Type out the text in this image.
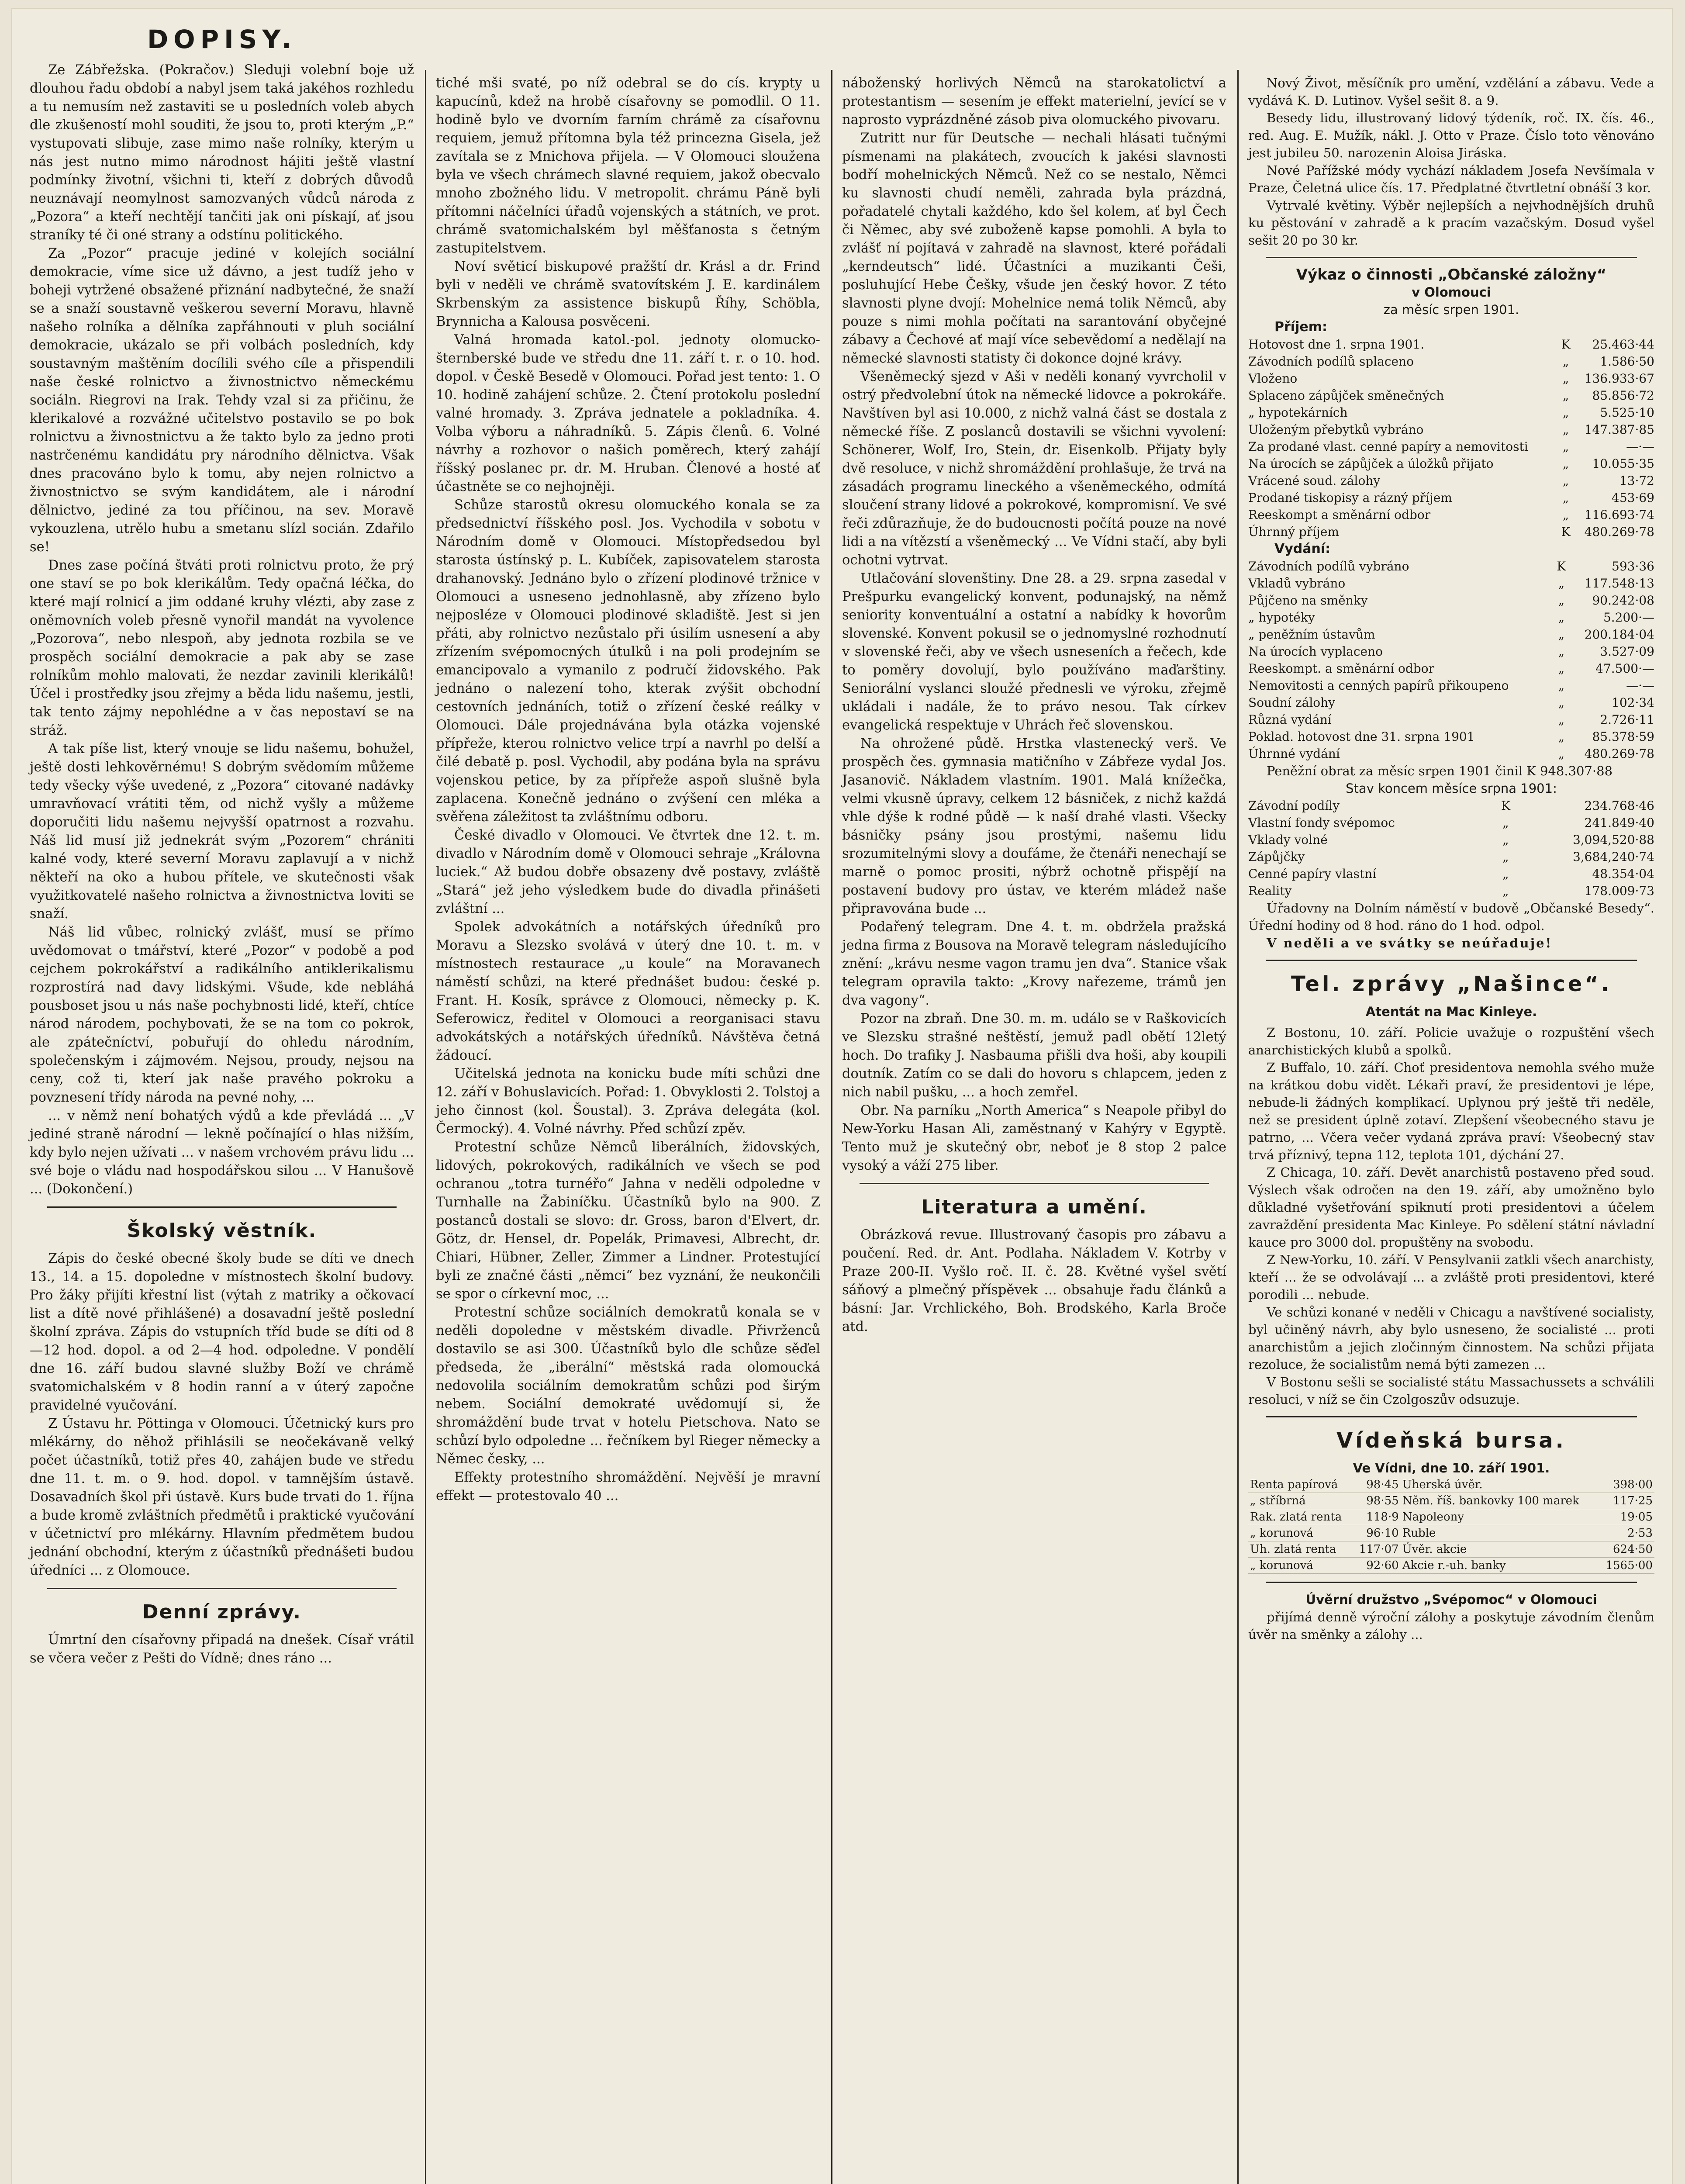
DOPISY.

Ze Zábřežska. (Pokračov.) Sleduji volební boje už dlouhou řadu období a nabyl jsem taká jakéhos rozhledu a tu nemusím než zastaviti se u posledních voleb abych dle zkušeností mohl souditi, že jsou to, proti kterým „P.“ vystupovati slibuje, zase mimo naše rolníky, kterým u nás jest nutno mimo národnost hájiti ještě vlastní podmínky životní, všichni ti, kteří z dobrých důvodů neuznávají neomylnost samozvaných vůdců národa z „Pozora“ a kteří nechtějí tančiti jak oni pískají, ať jsou straníky té či oné strany a odstínu politického.

Za „Pozor“ pracuje jediné v kolejích sociální demokracie, víme sice už dávno, a jest tudíž jeho v boheji vytržené obsažené přiznání nadbytečné, že snaží se a snaží soustavně veškerou severní Moravu, hlavně našeho rolníka a dělníka zapřáhnouti v pluh sociální demokracie, ukázalo se při volbách posledních, kdy soustavným maštěním docílili svého cíle a přispendili naše české rolnictvo a živnostnictvo německému sociáln. Riegrovi na Irak. Tehdy vzal si za přičinu, že klerikalové a rozvážné učitelstvo postavilo se po bok rolnictvu a živnostnictvu a že takto bylo za jedno proti nastrčenému kandidátu pry národního dělnictva. Však dnes pracováno bylo k tomu, aby nejen rolnictvo a živnostnictvo se svým kandidátem, ale i národní dělnictvo, jediné za tou příčinou, na sev. Moravě vykouzlena, utrělo hubu a smetanu slízl socián. Zdařilo se!

Dnes zase počíná štváti proti rolnictvu proto, že prý one staví se po bok klerikálům. Tedy opačná léčka, do které mají rolnicí a jim oddané kruhy vlézti, aby zase z oněmovních voleb přesně vynořil mandát na vyvolence „Pozorova“, nebo nlespoň, aby jednota rozbila se ve prospěch sociální demokracie a pak aby se zase rolníkům mohlo malovati, že nezdar zavinili klerikálů! Účel i prostředky jsou zřejmy a běda lidu našemu, jestli, tak tento zájmy nepohlédne a v čas nepostaví se na stráž.

A tak píše list, který vnouje se lidu našemu, bohužel, ještě dosti lehkověrnému! S dobrým svědomím můžeme tedy všecky výše uvedené, z „Pozora“ citované nadávky umravňovací vrátiti těm, od nichž vyšly a můžeme doporučiti lidu našemu nejvyšší opatrnost a rozvahu. Náš lid musí již jednekrát svým „Pozorem“ chrániti kalné vody, které severní Moravu zaplavují a v nichž někteří na oko a hubou přítele, ve skutečnosti však využitkovatelé našeho rolnictva a živnostnictva loviti se snaží.

Náš lid vůbec, rolnický zvlášť, musí se přímo uvědomovat o tmářství, které „Pozor“ v podobě a pod cejchem pokrokářství a radikálního antiklerikalismu rozprostírá nad davy lidskými. Všude, kde nebláhá pousboset jsou u nás naše pochybnosti lidé, kteří, chtíce národ národem, pochybovati, že se na tom co pokrok, ale zpátečníctví, pobuřují do ohledu národním, společenským i zájmovém. Nejsou, proudy, nejsou na ceny, což ti, kterí jak naše pravého pokroku a povznesení třídy národa na pevné nohy, ...

... v němž není bohatých výdů a kde převládá ... „V jediné straně národní — lekně počínající o hlas nižším, kdy bylo nejen užívati ... v našem vrchovém právu lidu ... své boje o vládu nad hospodářskou silou ... V Hanušově ... (Dokončení.)

Školský věstník.

Zápis do české obecné školy bude se díti ve dnech 13., 14. a 15. dopoledne v místnostech školní budovy. Pro žáky přijíti křestní list (výtah z matriky a očkovací list a dítě nové přihlášené) a dosavadní ještě poslední školní zpráva. Zápis do vstupních tříd bude se díti od 8—12 hod. dopol. a od 2—4 hod. odpoledne. V pondělí dne 16. září budou slavné služby Boží ve chrámě svatomichalském v 8 hodin ranní a v úterý započne pravidelné vyučování.

Z Ústavu hr. Pöttinga v Olomouci. Účetnický kurs pro mlékárny, do něhož přihlásili se neočekávaně velký počet účastníků, totiž přes 40, zahájen bude ve středu dne 11. t. m. o 9. hod. dopol. v tamnějším ústavě. Dosavadních škol při ústavě. Kurs bude trvati do 1. října a bude kromě zvláštních předmětů i praktické vyučování v účetnictví pro mlékárny. Hlavním předmětem budou jednání obchodní, kterým z účastníků přednášeti budou úředníci ... z Olomouce.

Denní zprávy.

Úmrtní den císařovny připadá na dnešek. Císař vrátil se včera večer z Pešti do Vídně; dnes ráno ...

tiché mši svaté, po níž odebral se do cís. krypty u kapucínů, kdež na hrobě císařovny se pomodlil. O 11. hodině bylo ve dvorním farním chrámě za císařovnu requiem, jemuž přítomna byla též princezna Gisela, jež zavítala se z Mnichova přijela. — V Olomouci sloužena byla ve všech chrámech slavné requiem, jakož obecvalo mnoho zbožného lidu. V metropolit. chrámu Páně byli přítomni náčelníci úřadů vojenských a státních, ve prot. chrámě svatomichalském byl měšťanosta s četným zastupitelstvem.

Noví světicí biskupové pražští dr. Krásl a dr. Frind byli v neděli ve chrámě svatovítském J. E. kardinálem Skrbenským za assistence biskupů Říhy, Schöbla, Brynnicha a Kalousa posvěceni.

Valná hromada katol.-pol. jednoty olomucko-šternberské bude ve středu dne 11. září t. r. o 10. hod. dopol. v Českě Besedě v Olomouci. Pořad jest tento: 1. O 10. hodině zahájení schůze. 2. Čtení protokolu poslední valné hromady. 3. Zpráva jednatele a pokladníka. 4. Volba výboru a náhradníků. 5. Zápis členů. 6. Volné návrhy a rozhovor o našich poměrech, který zahájí říšský poslanec pr. dr. M. Hruban. Členové a hosté ať účastněte se co nejhojněji.

Schůze starostů okresu olomuckého konala se za předsednictví říšského posl. Jos. Vychodila v sobotu v Národním domě v Olomouci. Místopředsedou byl starosta ústínský p. L. Kubíček, zapisovatelem starosta drahanovský. Jednáno bylo o zřízení plodinové tržnice v Olomouci a usneseno jednohlasně, aby zřízeno bylo nejposléze v Olomouci plodinové skladiště. Jest si jen přáti, aby rolnictvo nezůstalo při úsilím usnesení a aby zřízením svépomocných útulků i na poli prodejním se emancipovalo a vymanilo z područí židovského. Pak jednáno o nalezení toho, kterak zvýšit obchodní cestovních jednáních, totiž o zřízení české reálky v Olomouci. Dále projednávána byla otázka vojenské přípřeže, kterou rolnictvo velice trpí a navrhl po delší a čilé debatě p. posl. Vychodil, aby podána byla na správu vojenskou petice, by za přípřeže aspoň slušně byla zaplacena. Konečně jednáno o zvýšení cen mléka a svěřena záležitost ta zvláštnímu odboru.

České divadlo v Olomouci. Ve čtvrtek dne 12. t. m. divadlo v Národním domě v Olomouci sehraje „Královna luciek.“ Až budou dobře obsazeny dvě postavy, zvláště „Stará“ jež jeho výsledkem bude do divadla přinášeti zvláštní ...

Spolek advokátních a notářských úředníků pro Moravu a Slezsko svolává v úterý dne 10. t. m. v místnostech restaurace „u koule“ na Moravanech náměstí schůzi, na které přednášet budou: české p. Frant. H. Kosík, správce z Olomouci, německy p. K. Seferowicz, ředitel v Olomouci a reorganisaci stavu advokátských a notářských úředníků. Návštěva četná žádoucí.

Učitelská jednota na konicku bude míti schůzi dne 12. září v Bohuslavicích. Pořad: 1. Obvyklosti 2. Tolstoj a jeho činnost (kol. Šoustal). 3. Zpráva delegáta (kol. Čermocký). 4. Volné návrhy. Před schůzí zpěv.

Protestní schůze Němců liberálních, židovských, lidových, pokrokových, radikálních ve všech se pod ochranou „totra turnéřo“ Jahna v neděli odpoledne v Turnhalle na Žabiníčku. Účastníků bylo na 900. Z postanců dostali se slovo: dr. Gross, baron d'Elvert, dr. Götz, dr. Hensel, dr. Popelák, Primavesi, Albrecht, dr. Chiari, Hübner, Zeller, Zimmer a Lindner. Protestující byli ze značné části „němci“ bez vyznání, že neukončili se spor o církevní moc, ...

Protestní schůze sociálních demokratů konala se v neděli dopoledne v městském divadle. Přivrženců dostavilo se asi 300. Účastníků bylo dle schůze sěďel předseda, že „iberální“ městská rada olomoucká nedovolila sociálním demokratům schůzi pod širým nebem. Sociální demokraté uvědomují si, že shromáždění bude trvat v hotelu Pietschova. Nato se schůzí bylo odpoledne ... řečníkem byl Rieger německy a Němec česky, ...

Effekty protestního shromáždění. Nejvěší je mravní effekt — protestovalo 40 ...

náboženský horlivých Němců na starokatolictví a protestantism — sesením je effekt materielní, jevící se v naprosto vyprázdněné zásob piva olomuckého pivovaru.

Zutritt nur für Deutsche — nechali hlásati tučnými písmenami na plakátech, zvoucích k jakési slavnosti bodří mohelnických Němců. Než co se nestalo, Němci ku slavnosti chudí neměli, zahrada byla prázdná, pořadatelé chytali každého, kdo šel kolem, ať byl Čech či Němec, aby své zuboženě kapse pomohli. A byla to zvlášť ní pojítavá v zahradě na slavnost, které pořádali „kerndeutsch“ lidé. Účastníci a muzikanti Češi, posluhující Hebe Češky, všude jen český hovor. Z této slavnosti plyne dvojí: Mohelnice nemá tolik Němců, aby pouze s nimi mohla počítati na sarantování obyčejné zábavy a Čechové ať mají více sebevědomí a nedělají na německé slavnosti statisty či dokonce dojné krávy.

Všeněmecký sjezd v Aši v neděli konaný vyvrcholil v ostrý předvolební útok na německé lidovce a pokrokáře. Navštíven byl asi 10.000, z nichž valná část se dostala z německé říše. Z poslanců dostavili se všichni vyvolení: Schönerer, Wolf, Iro, Stein, dr. Eisenkolb. Přijaty byly dvě resoluce, v nichž shromáždění prohlašuje, že trvá na zásadách programu lineckého a všeněmeckého, odmítá sloučení strany lidové a pokrokové, kompromisní. Ve své řeči zdůrazňuje, že do budoucnosti počítá pouze na nové lidi a na vítězstí a všeněmecký ... Ve Vídni stačí, aby byli ochotni vytrvat.

Utlačování slovenštiny. Dne 28. a 29. srpna zasedal v Prešpurku evangelický konvent, podunajský, na němž seniority konventuální a ostatní a nabídky k hovorům slovenské. Konvent pokusil se o jednomyslné rozhodnutí v slovenské řeči, aby ve všech usneseních a řečech, kde to poměry dovolují, bylo používáno maďarštiny. Seniorální vyslanci sloužé přednesli ve výroku, zřejmě ukládali i nadále, že to právo nesou. Tak církev evangelická respektuje v Uhrách řeč slovenskou.

Na ohrožené půdě. Hrstka vlastenecký verš. Ve prospěch čes. gymnasia matičního v Zábřeze vydal Jos. Jasanovič. Nákladem vlastním. 1901. Malá knížečka, velmi vkusně úpravy, celkem 12 básniček, z nichž každá vhle dýše k rodné půdě — k naší drahé vlasti. Všecky básničky psány jsou prostými, našemu lidu srozumitelnými slovy a doufáme, že čtenáři nenechají se marně o pomoc prositi, nýbrž ochotně přispějí na postavení budovy pro ústav, ve kterém mládež naše připravována bude ...

Podařený telegram. Dne 4. t. m. obdržela pražská jedna firma z Bousova na Moravě telegram následujícího znění: „krávu nesme vagon tramu jen dva“. Stanice však telegram opravila takto: „Krovy nařezeme, trámů jen dva vagony“.

Pozor na zbraň. Dne 30. m. m. událo se v Raškovicích ve Slezsku strašné neštěstí, jemuž padl obětí 12letý hoch. Do trafiky J. Nasbauma přišli dva hoši, aby koupili doutník. Zatím co se dali do hovoru s chlapcem, jeden z nich nabil pušku, ... a hoch zemřel.

Obr. Na parníku „North America“ s Neapole přibyl do New-Yorku Hasan Ali, zaměstnaný v Kahýry v Egyptě. Tento muž je skutečný obr, neboť je 8 stop 2 palce vysoký a váží 275 liber.

Literatura a umění.

Obrázková revue. Illustrovaný časopis pro zábavu a poučení. Red. dr. Ant. Podlaha. Nákladem V. Kotrby v Praze 200-II. Vyšlo roč. II. č. 28. Květné vyšel světí sáňový a plmečný příspěvek ... obsahuje řadu článků a básní: Jar. Vrchlického, Boh. Brodského, Karla Broče atd.

Nový Život, měsíčník pro umění, vzdělání a zábavu. Vede a vydává K. D. Lutinov. Vyšel sešit 8. a 9.

Besedy lidu, illustrovaný lidový týdeník, roč. IX. čís. 46., red. Aug. E. Mužík, nákl. J. Otto v Praze. Číslo toto věnováno jest jubileu 50. narozenin Aloisa Jiráska.

Nové Pařížské módy vychází nákladem Josefa Nevšímala v Praze, Čeletná ulice čís. 17. Předplatné čtvrtletní obnáší 3 kor.

Vytrvalé květiny. Výběr nejlepších a nejvhodnějších druhů ku pěstování v zahradě a k pracím vazačským. Dosud vyšel sešit 20 po 30 kr.

Výkaz o činnosti „Občanské záložny“
v Olomouci
za měsíc srpen 1901.
Příjem:
Hotovost dne 1. srpna 1901.	K	25.463·44
Závodních podílů splaceno	„	1.586·50
Vloženo	„	136.933·67
Splaceno zápůjček směnečných	„	85.856·72
„ hypotekárních	„	5.525·10
Uloženým přebytků vybráno	„	147.387·85
Za prodané vlast. cenné papíry a nemovitosti	„	—·—
Na úrocích se zápůjček a úložků přijato	„	10.055·35
Vrácené soud. zálohy	„	13·72
Prodané tiskopisy a rázný příjem	„	453·69
Reeskompt a směnární odbor	„	116.693·74
Úhrnný příjem	K	480.269·78
Vydání:
Závodních podílů vybráno	K	593·36
Vkladů vybráno	„	117.548·13
Půjčeno na směnky	„	90.242·08
„ hypotéky	„	5.200·—
„ peněžním ústavům	„	200.184·04
Na úrocích vyplaceno	„	3.527·09
Reeskompt. a směnární odbor	„	47.500·—
Nemovitosti a cenných papírů přikoupeno	„	—·—
Soudní zálohy	„	102·34
Různá vydání	„	2.726·11
Poklad. hotovost dne 31. srpna 1901	„	85.378·59
Úhrnné vydání	„	480.269·78

Peněžní obrat za měsíc srpen 1901 činil K 948.307·88

Stav koncem měsíce srpna 1901:
Závodní podíly	K	234.768·46
Vlastní fondy svépomoc	„	241.849·40
Vklady volné	„	3,094,520·88
Zápůjčky	„	3,684,240·74
Cenné papíry vlastní	„	48.354·04
Reality	„	178.009·73

Úřadovny na Dolním náměstí v budově „Občanské Besedy“. Úřední hodiny od 8 hod. ráno do 1 hod. odpol.

V neděli a ve svátky se neúřaduje!

Tel. zprávy „Našince“.
Atentát na Mac Kinleye.

Z Bostonu, 10. září. Policie uvažuje o rozpuštění všech anarchistických klubů a spolků.

Z Buffalo, 10. září. Choť presidentova nemohla svého muže na krátkou dobu vidět. Lékaři praví, že presidentovi je lépe, nebude-li žádných komplikací. Uplynou prý ještě tři neděle, než se president úplně zotaví. Zlepšení všeobecného stavu je patrno, ... Včera večer vydaná zpráva praví: Všeobecný stav trvá příznivý, tepna 112, teplota 101, dýchání 27.

Z Chicaga, 10. září. Devět anarchistů postaveno před soud. Výslech však odročen na den 19. září, aby umožněno bylo důkladné vyšetřování spiknutí proti presidentovi a účelem zavraždění presidenta Mac Kinleye. Po sdělení státní návladní kauce pro 3000 dol. propuštěny na svobodu.

Z New-Yorku, 10. září. V Pensylvanii zatkli všech anarchisty, kteří ... že se odvolávají ... a zvláště proti presidentovi, které porodili ... nebude.

Ve schůzi konané v neděli v Chicagu a navštívené socialisty, byl učiněný návrh, aby bylo usneseno, že socialisté ... proti anarchistům a jejich zločinným činnostem. Na schůzi přijata rezoluce, že socialistům nemá býti zamezen ...

V Bostonu sešli se socialisté státu Massachussets a schválili resoluci, v níž se čin Czolgoszův odsuzuje.

Vídeňská bursa.
Ve Vídni, dne 10. září 1901.
Renta papírová	98·45	Uherská úvěr.	398·00
„ stříbrná	98·55	Něm. říš. bankovky 100 marek	117·25
Rak. zlatá renta	118·9	Napoleony	19·05
„ korunová	96·10	Ruble	2·53
Uh. zlatá renta	117·07	Úvěr. akcie	624·50
„ korunová	92·60	Akcie r.-uh. banky	1565·00
Úvěrní družstvo „Svépomoc“ v Olomouci

přijímá denně výroční zálohy a poskytuje závodním členům úvěr na směnky a zálohy ...
